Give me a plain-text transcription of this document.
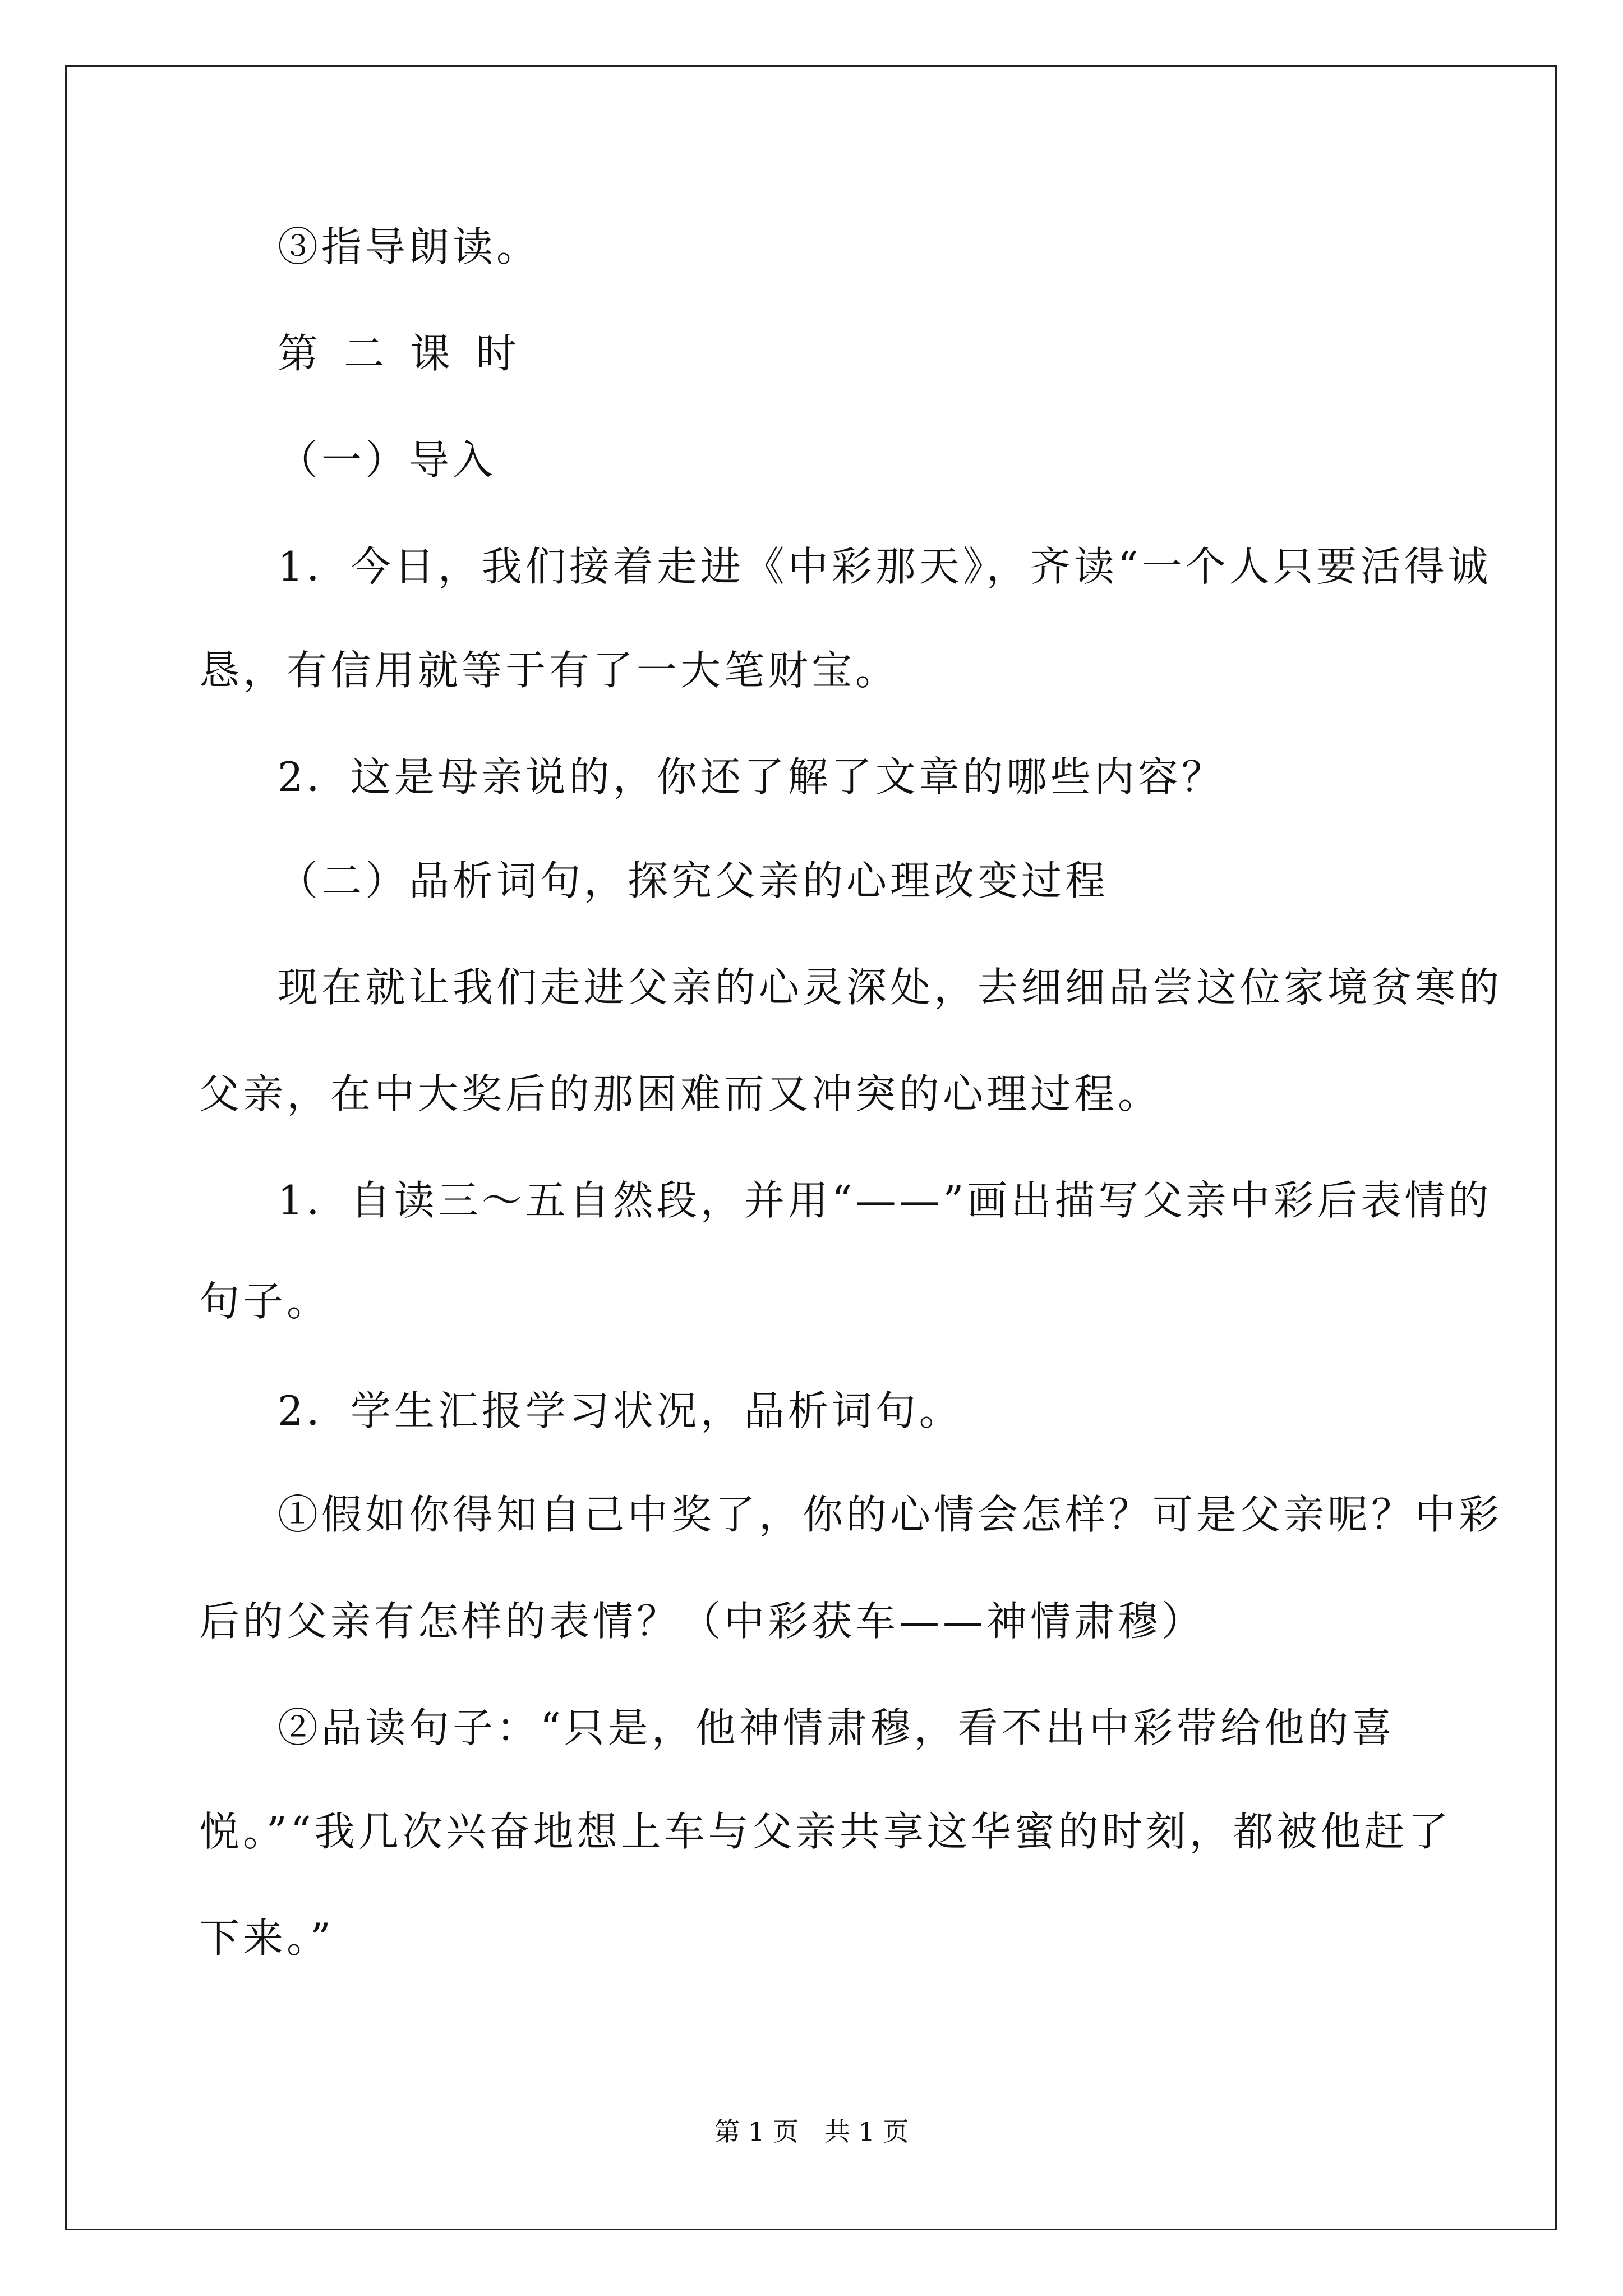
③指导朗读。
第二课时
（一）导入
1．今日，我们接着走进《中彩那天》，齐读“一个人只要活得诚
恳，有信用就等于有了一大笔财宝。
2．这是母亲说的，你还了解了文章的哪些内容？
（二）品析词句，探究父亲的心理改变过程
现在就让我们走进父亲的心灵深处，去细细品尝这位家境贫寒的
父亲，在中大奖后的那困难而又冲突的心理过程。
1．自读三～五自然段，并用“——”画出描写父亲中彩后表情的
句子。
2．学生汇报学习状况，品析词句。
①假如你得知自己中奖了，你的心情会怎样？可是父亲呢？中彩
后的父亲有怎样的表情？（中彩获车——神情肃穆）
②品读句子：“只是，他神情肃穆，看不出中彩带给他的喜
悦。”“我几次兴奋地想上车与父亲共享这华蜜的时刻，都被他赶了
下来。”
第 1 页　共 1 页
